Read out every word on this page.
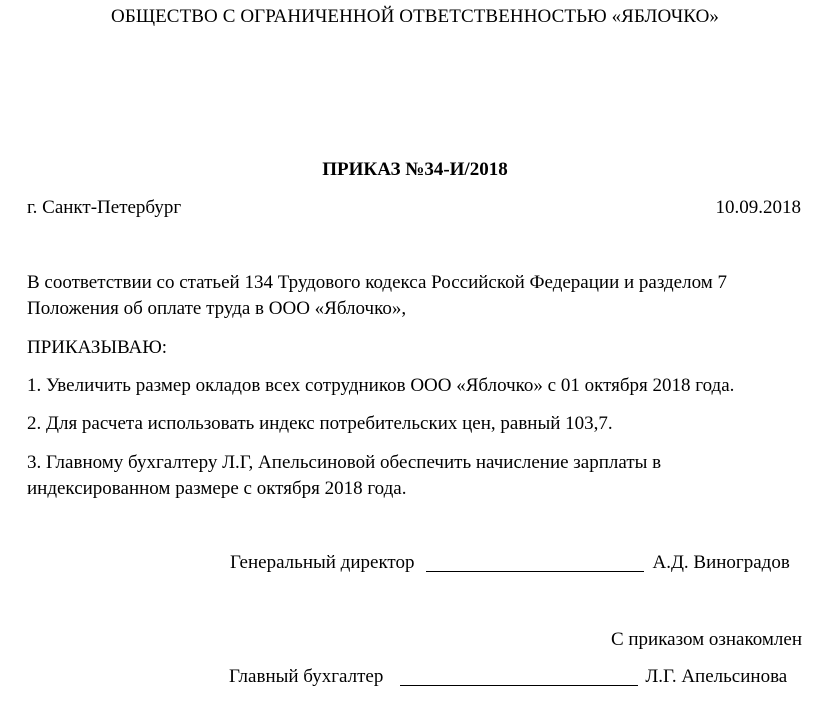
ОБЩЕСТВО С ОГРАНИЧЕННОЙ ОТВЕТСТВЕННОСТЬЮ «ЯБЛОЧКО»
ПРИКАЗ №34-И/2018
г. Санкт-Петербург	10.09.2018
В соответствии со статьей 134 Трудового кодекса Российской Федерации и разделом 7
Положения об оплате труда в ООО «Яблочко»,
ПРИКАЗЫВАЮ:
1. Увеличить размер окладов всех сотрудников ООО «Яблочко» с 01 октября 2018 года.
2. Для расчета использовать индекс потребительских цен, равный 103,7.
3. Главному бухгалтеру Л.Г, Апельсиновой обеспечить начисление зарплаты в
индексированном размере с октября 2018 года.
Генеральный директор	А.Д. Виноградов
С приказом ознакомлен
Главный бухгалтер	Л.Г. Апельсинова
